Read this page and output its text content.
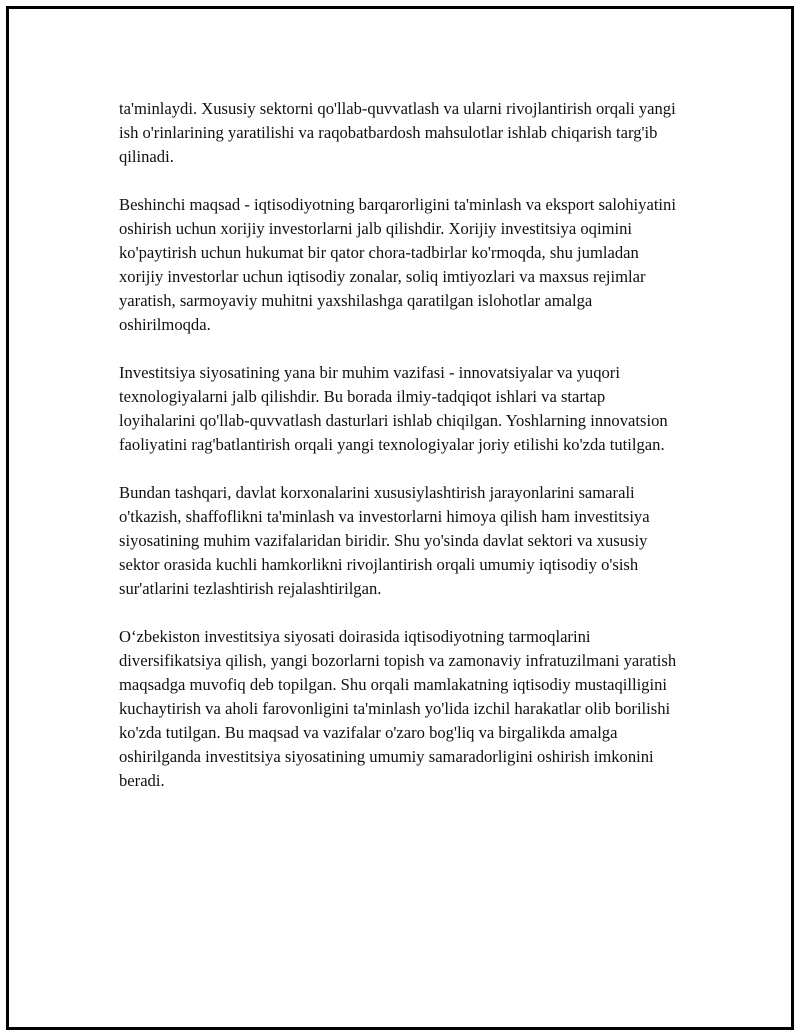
ta'minlaydi. Xususiy sektorni qo'llab-quvvatlash va ularni rivojlantirish orqali yangi ish o'rinlarining yaratilishi va raqobatbardosh mahsulotlar ishlab chiqarish targ'ib qilinadi.

Beshinchi maqsad - iqtisodiyotning barqarorligini ta'minlash va eksport salohiyatini oshirish uchun xorijiy investorlarni jalb qilishdir. Xorijiy investitsiya oqimini ko'paytirish uchun hukumat bir qator chora-tadbirlar ko'rmoqda, shu jumladan xorijiy investorlar uchun iqtisodiy zonalar, soliq imtiyozlari va maxsus rejimlar yaratish, sarmoyaviy muhitni yaxshilashga qaratilgan islohotlar amalga oshirilmoqda.

Investitsiya siyosatining yana bir muhim vazifasi - innovatsiyalar va yuqori texnologiyalarni jalb qilishdir. Bu borada ilmiy-tadqiqot ishlari va startap loyihalarini qo'llab-quvvatlash dasturlari ishlab chiqilgan. Yoshlarning innovatsion faoliyatini rag'batlantirish orqali yangi texnologiyalar joriy etilishi ko'zda tutilgan.

Bundan tashqari, davlat korxonalarini xususiylashtirish jarayonlarini samarali o'tkazish, shaffoflikni ta'minlash va investorlarni himoya qilish ham investitsiya siyosatining muhim vazifalaridan biridir. Shu yo'sinda davlat sektori va xususiy sektor orasida kuchli hamkorlikni rivojlantirish orqali umumiy iqtisodiy o'sish sur'atlarini tezlashtirish rejalashtirilgan.

O‘zbekiston investitsiya siyosati doirasida iqtisodiyotning tarmoqlarini diversifikatsiya qilish, yangi bozorlarni topish va zamonaviy infratuzilmani yaratish maqsadga muvofiq deb topilgan. Shu orqali mamlakatning iqtisodiy mustaqilligini kuchaytirish va aholi farovonligini ta'minlash yo'lida izchil harakatlar olib borilishi ko'zda tutilgan. Bu maqsad va vazifalar o'zaro bog'liq va birgalikda amalga oshirilganda investitsiya siyosatining umumiy samaradorligini oshirish imkonini beradi.
